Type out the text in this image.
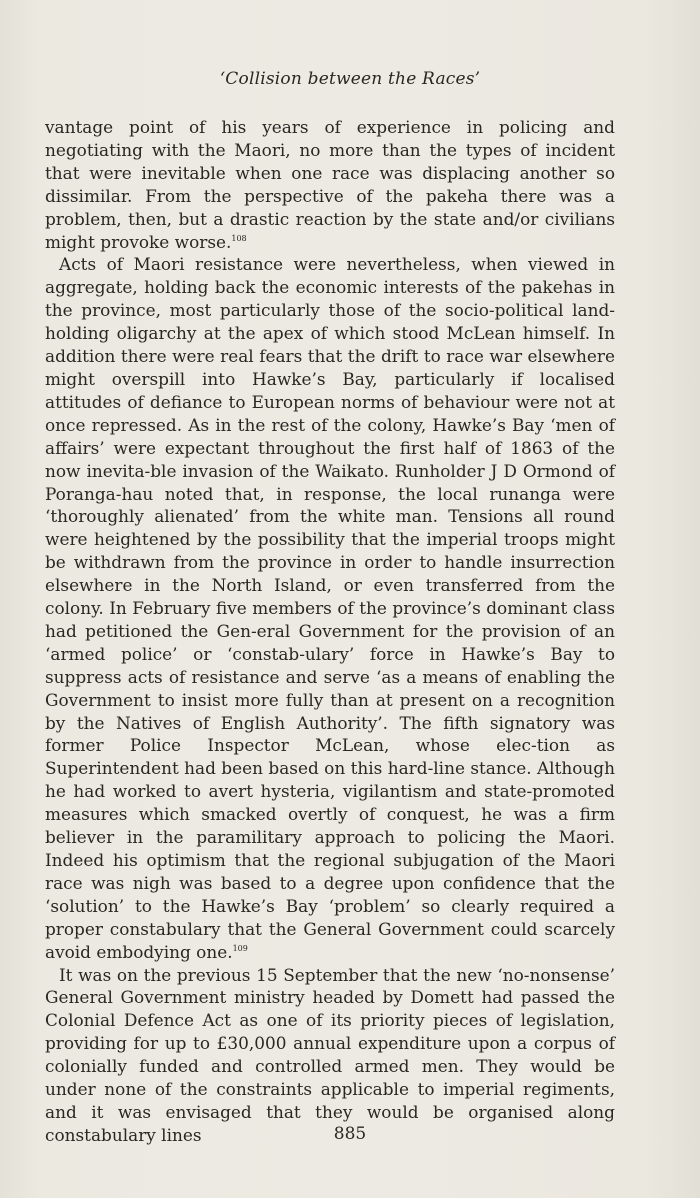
‘Collision between the Races’

vantage point of his years of experience in policing and negotiating with the Maori, no more than the types of incident that were inevitable when one race was displacing another so dissimilar. From the perspective of the pakeha there was a problem, then, but a drastic reaction by the state and/or civilians might provoke worse.$^{108}$

Acts of Maori resistance were nevertheless, when viewed in aggregate, holding back the economic interests of the pakehas in the province, most particularly those of the socio-political land-holding oligarchy at the apex of which stood McLean himself. In addition there were real fears that the drift to race war elsewhere might overspill into Hawke’s Bay, particularly if localised attitudes of defiance to European norms of behaviour were not at once repressed. As in the rest of the colony, Hawke’s Bay ‘men of affairs’ were expectant throughout the first half of 1863 of the now inevita-ble invasion of the Waikato. Runholder J D Ormond of Poranga-hau noted that, in response, the local runanga were ‘thoroughly alienated’ from the white man. Tensions all round were heightened by the possibility that the imperial troops might be withdrawn from the province in order to handle insurrection elsewhere in the North Island, or even transferred from the colony. In February five members of the province’s dominant class had petitioned the Gen-eral Government for the provision of an ‘armed police’ or ‘constab-ulary’ force in Hawke’s Bay to suppress acts of resistance and serve ‘as a means of enabling the Government to insist more fully than at present on a recognition by the Natives of English Authority’. The fifth signatory was former Police Inspector McLean, whose elec-tion as Superintendent had been based on this hard-line stance. Although he had worked to avert hysteria, vigilantism and state-promoted measures which smacked overtly of conquest, he was a firm believer in the paramilitary approach to policing the Maori. Indeed his optimism that the regional subjugation of the Maori race was nigh was based to a degree upon confidence that the ‘solution’ to the Hawke’s Bay ‘problem’ so clearly required a proper constabulary that the General Government could scarcely avoid embodying one.$^{109}$

It was on the previous 15 September that the new ‘no-nonsense’ General Government ministry headed by Domett had passed the Colonial Defence Act as one of its priority pieces of legislation, providing for up to £30,000 annual expenditure upon a corpus of colonially funded and controlled armed men. They would be under none of the constraints applicable to imperial regiments, and it was envisaged that they would be organised along constabulary lines	885
